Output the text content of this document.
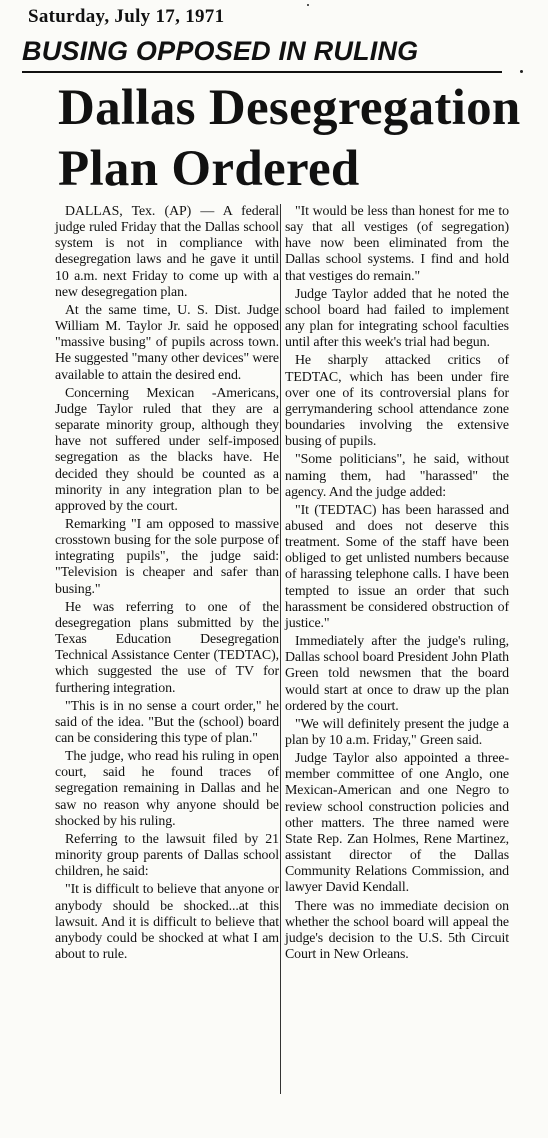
Saturday, July 17, 1971
BUSING OPPOSED IN RULING
Dallas Desegregation
Plan Ordered

DALLAS, Tex. (AP) — A federal judge ruled Friday that the Dallas school system is not in compliance with desegregation laws and he gave it until 10 a.m. next Friday to come up with a new desegregation plan.

At the same time, U. S. Dist. Judge William M. Taylor Jr. said he opposed "massive busing" of pupils across town. He suggested "many other devices" were available to attain the desired end.

Concerning Mexican -Americans, Judge Taylor ruled that they are a separate minority group, although they have not suffered under self-imposed segregation as the blacks have. He decided they should be counted as a minority in any integration plan to be approved by the court.

Remarking "I am opposed to massive crosstown busing for the sole purpose of integrating pupils", the judge said: "Television is cheaper and safer than busing."

He was referring to one of the desegregation plans submitted by the Texas Education Desegregation Technical Assistance Center (TEDTAC), which suggested the use of TV for furthering integration.

"This is in no sense a court order," he said of the idea. "But the (school) board can be considering this type of plan."

The judge, who read his ruling in open court, said he found traces of segregation remaining in Dallas and he saw no reason why anyone should be shocked by his ruling.

Referring to the lawsuit filed by 21 minority group parents of Dallas school children, he said:

"It is difficult to believe that anyone or anybody should be shocked...at this lawsuit. And it is difficult to believe that anybody could be shocked at what I am about to rule.

"It would be less than honest for me to say that all vestiges (of segregation) have now been eliminated from the Dallas school systems. I find and hold that vestiges do remain."

Judge Taylor added that he noted the school board had failed to implement any plan for integrating school faculties until after this week's trial had begun.

He sharply attacked critics of TEDTAC, which has been under fire over one of its controversial plans for gerrymandering school attendance zone boundaries involving the extensive busing of pupils.

"Some politicians", he said, without naming them, had "harassed" the agency. And the judge added:

"It (TEDTAC) has been harassed and abused and does not deserve this treatment. Some of the staff have been obliged to get unlisted numbers because of harassing telephone calls. I have been tempted to issue an order that such harassment be considered obstruction of justice."

Immediately after the judge's ruling, Dallas school board President John Plath Green told newsmen that the board would start at once to draw up the plan ordered by the court.

"We will definitely present the judge a plan by 10 a.m. Friday," Green said.

Judge Taylor also appointed a three-member committee of one Anglo, one Mexican-American and one Negro to review school construction policies and other matters. The three named were State Rep. Zan Holmes, Rene Martinez, assistant director of the Dallas Community Relations Commission, and lawyer David Kendall.

There was no immediate decision on whether the school board will appeal the judge's decision to the U.S. 5th Circuit Court in New Orleans.
